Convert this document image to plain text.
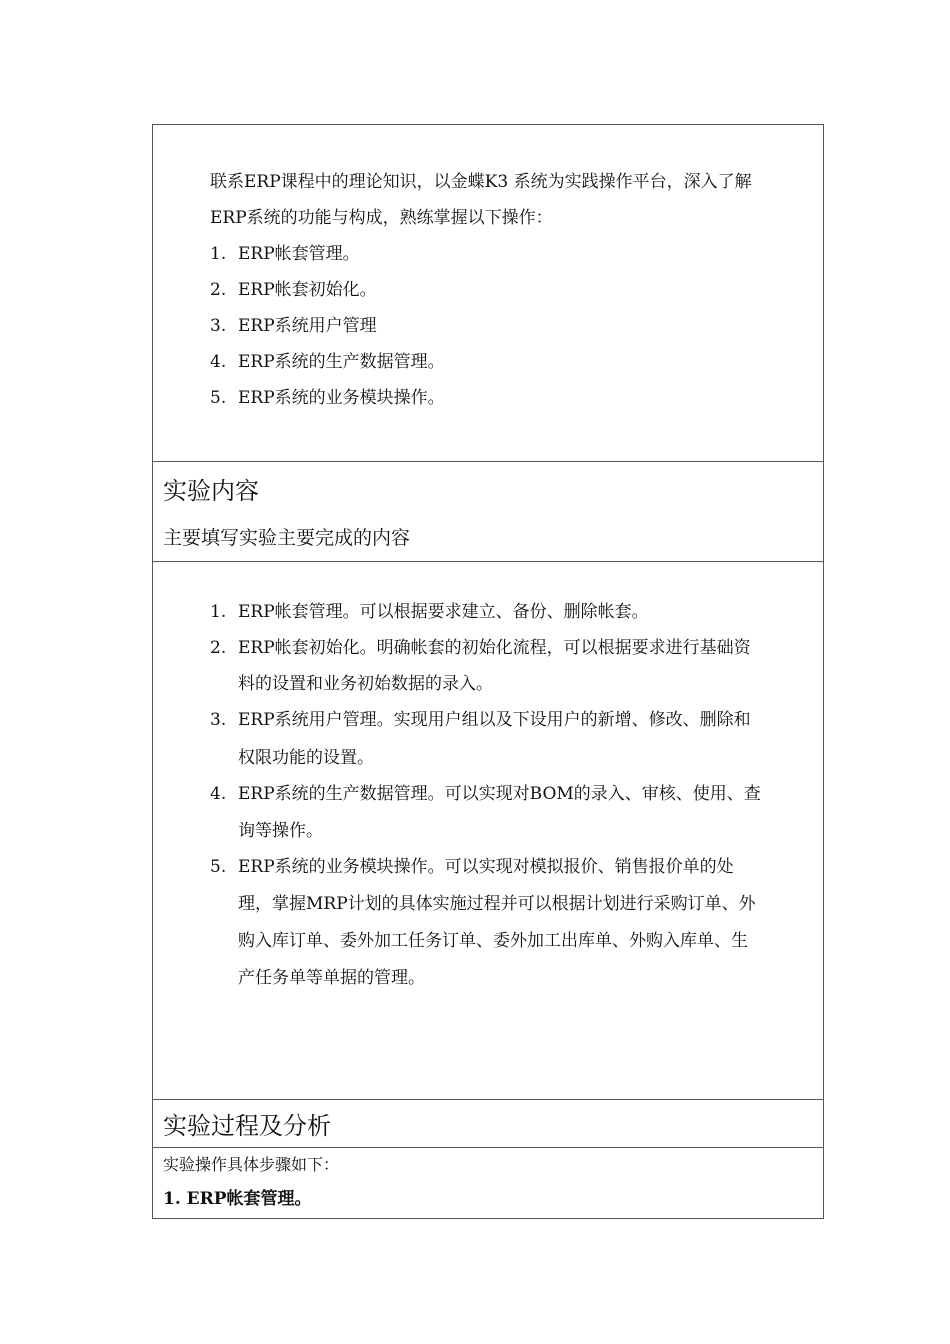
联系ERP课程中的理论知识，以金蝶K3 系统为实践操作平台，深入了解
ERP系统的功能与构成，熟练掌握以下操作：
1. ERP帐套管理。
2. ERP帐套初始化。
3. ERP系统用户管理
4. ERP系统的生产数据管理。
5. ERP系统的业务模块操作。
实验内容
主要填写实验主要完成的内容
1. ERP帐套管理。可以根据要求建立、备份、删除帐套。
2. ERP帐套初始化。明确帐套的初始化流程，可以根据要求进行基础资
料的设置和业务初始数据的录入。
3. ERP系统用户管理。实现用户组以及下设用户的新增、修改、删除和
权限功能的设置。
4. ERP系统的生产数据管理。可以实现对BOM的录入、审核、使用、查
询等操作。
5. ERP系统的业务模块操作。可以实现对模拟报价、销售报价单的处
理，掌握MRP计划的具体实施过程并可以根据计划进行采购订单、外
购入库订单、委外加工任务订单、委外加工出库单、外购入库单、生
产任务单等单据的管理。
实验过程及分析
实验操作具体步骤如下：
1. ERP帐套管理。
